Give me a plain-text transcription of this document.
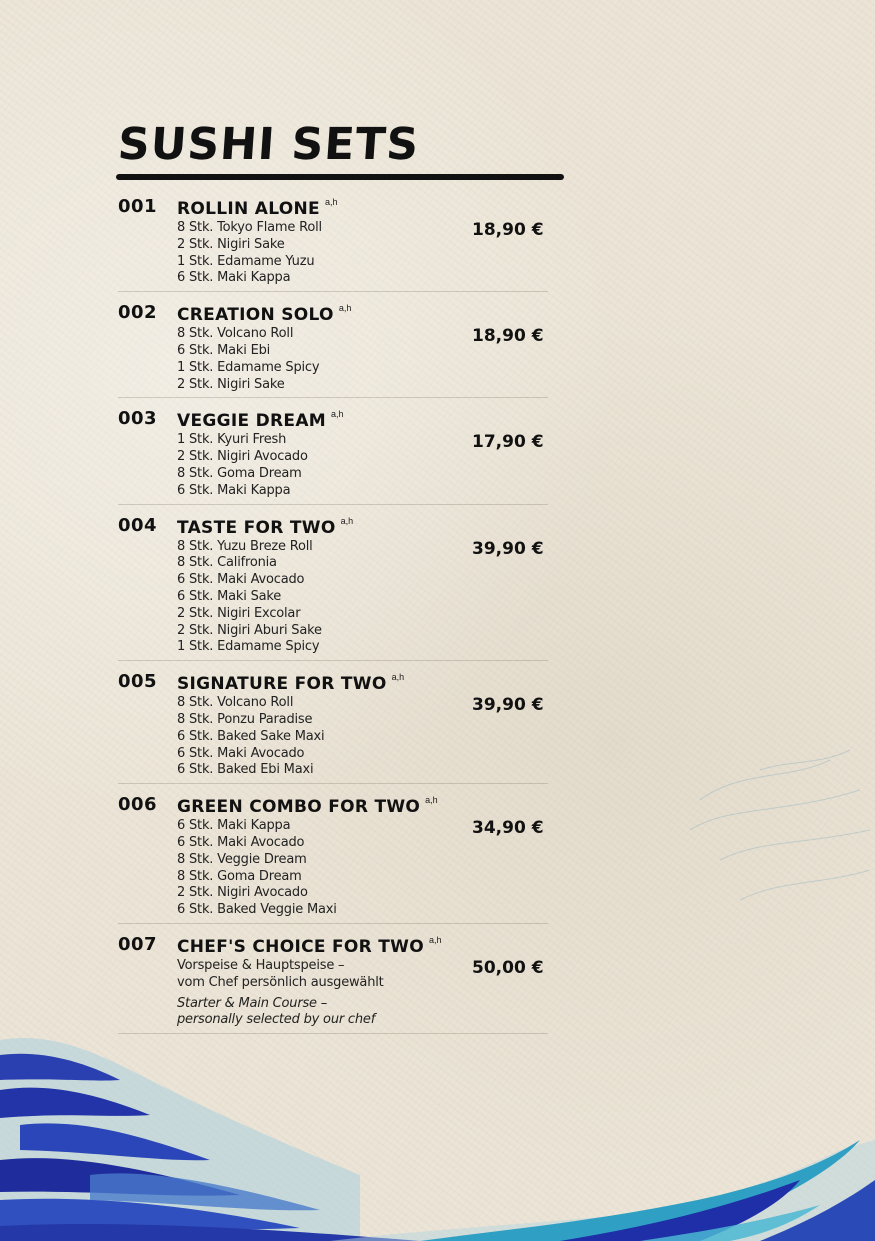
SUSHI SETS
001 ROLLIN ALONE a,h
8 Stk. Tokyo Flame Roll
2 Stk. Nigiri Sake
1 Stk. Edamame Yuzu
6 Stk. Maki Kappa
18,90 €
002 CREATION SOLO a,h
8 Stk. Volcano Roll
6 Stk. Maki Ebi
1 Stk. Edamame Spicy
2 Stk. Nigiri Sake
18,90 €
003 VEGGIE DREAM a,h
1 Stk. Kyuri Fresh
2 Stk. Nigiri Avocado
8 Stk. Goma Dream
6 Stk. Maki Kappa
17,90 €
004 TASTE FOR TWO a,h
8 Stk. Yuzu Breze Roll
8 Stk. Califronia
6 Stk. Maki Avocado
6 Stk. Maki Sake
2 Stk. Nigiri Excolar
2 Stk. Nigiri Aburi Sake
1 Stk. Edamame Spicy
39,90 €
005 SIGNATURE FOR TWO a,h
8 Stk. Volcano Roll
8 Stk. Ponzu Paradise
6 Stk. Baked Sake Maxi
6 Stk. Maki Avocado
6 Stk. Baked Ebi Maxi
39,90 €
006 GREEN COMBO FOR TWO a,h
6 Stk. Maki Kappa
6 Stk. Maki Avocado
8 Stk. Veggie Dream
8 Stk. Goma Dream
2 Stk. Nigiri Avocado
6 Stk. Baked Veggie Maxi
34,90 €
007 CHEF'S CHOICE FOR TWO a,h
Vorspeise & Hauptspeise –
vom Chef persönlich ausgewählt
Starter & Main Course –
personally selected by our chef
50,00 €
